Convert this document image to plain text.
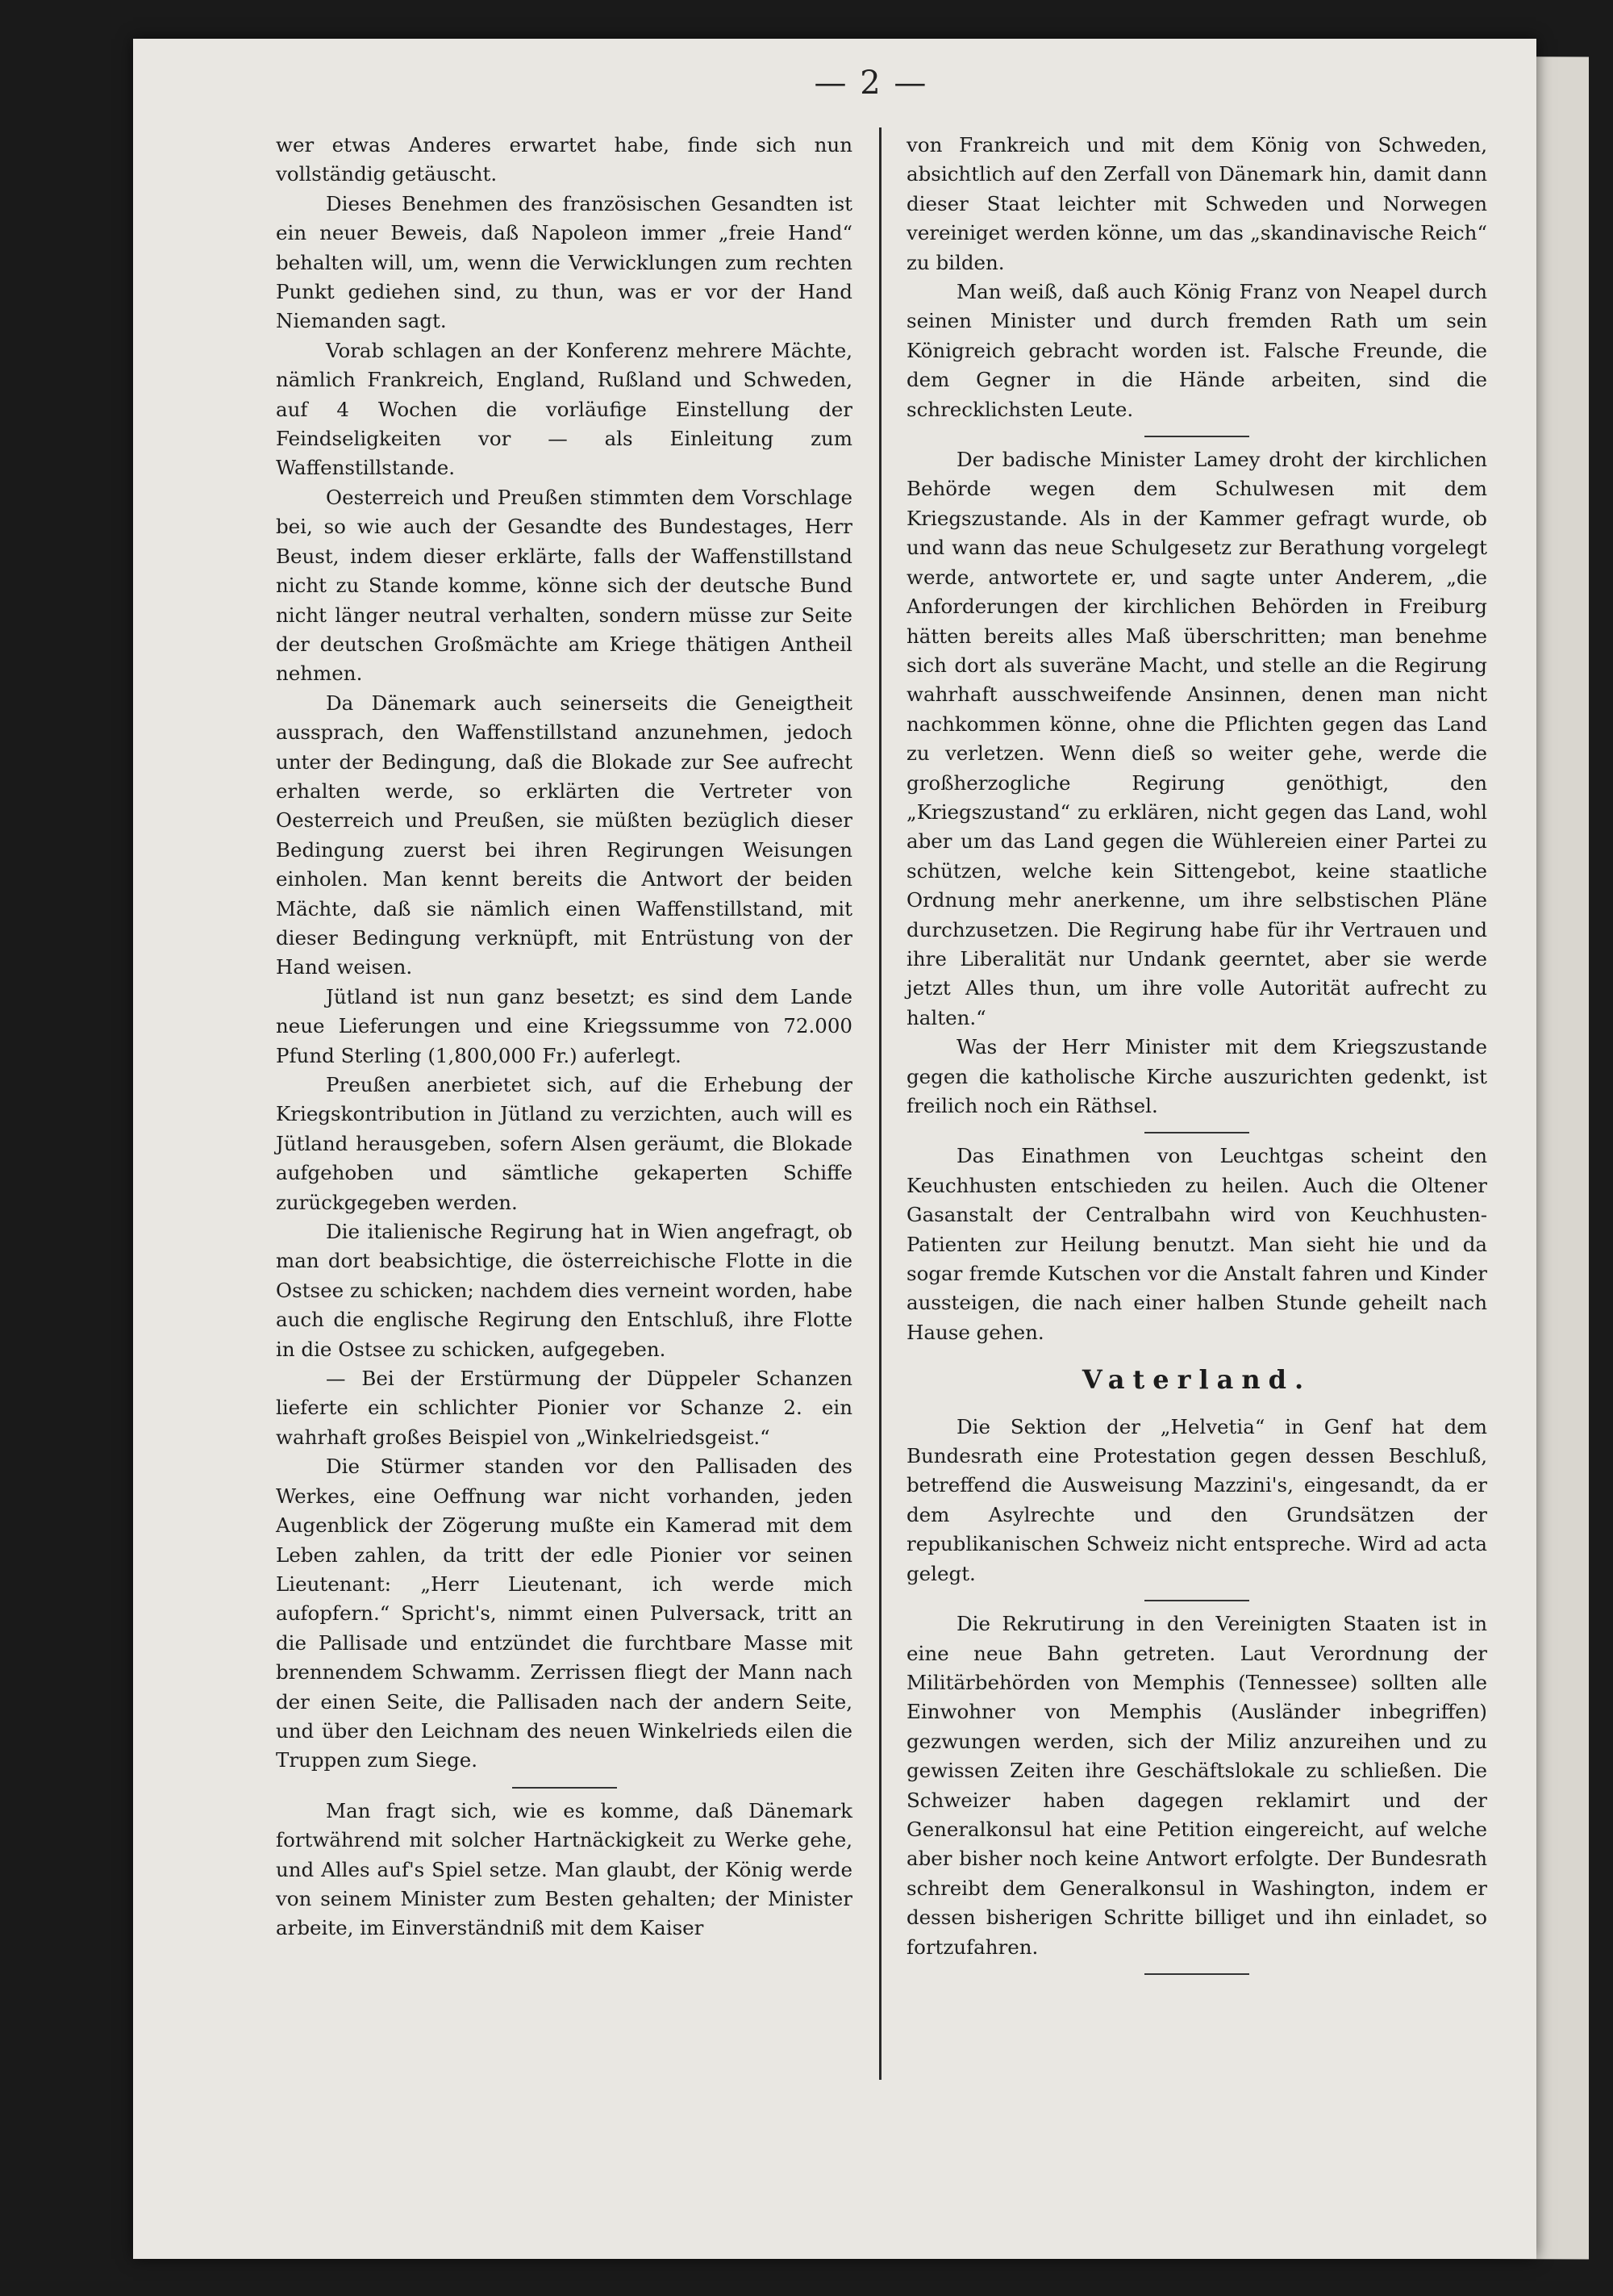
— 2 —

wer etwas Anderes erwartet habe, finde sich nun vollständig getäuscht.

Dieses Benehmen des französischen Gesandten ist ein neuer Beweis, daß Napoleon immer „freie Hand“ behalten will, um, wenn die Verwicklungen zum rechten Punkt gediehen sind, zu thun, was er vor der Hand Niemanden sagt.

Vorab schlagen an der Konferenz mehrere Mächte, nämlich Frankreich, England, Rußland und Schweden, auf 4 Wochen die vorläufige Einstellung der Feindseligkeiten vor — als Einleitung zum Waffenstillstande.

Oesterreich und Preußen stimmten dem Vorschlage bei, so wie auch der Gesandte des Bundestages, Herr Beust, indem dieser erklärte, falls der Waffenstillstand nicht zu Stande komme, könne sich der deutsche Bund nicht länger neutral verhalten, sondern müsse zur Seite der deutschen Großmächte am Kriege thätigen Antheil nehmen.

Da Dänemark auch seinerseits die Geneigtheit aussprach, den Waffenstillstand anzunehmen, jedoch unter der Bedingung, daß die Blokade zur See aufrecht erhalten werde, so erklärten die Vertreter von Oesterreich und Preußen, sie müßten bezüglich dieser Bedingung zuerst bei ihren Regirungen Weisungen einholen. Man kennt bereits die Antwort der beiden Mächte, daß sie nämlich einen Waffenstillstand, mit dieser Bedingung verknüpft, mit Entrüstung von der Hand weisen.

Jütland ist nun ganz besetzt; es sind dem Lande neue Lieferungen und eine Kriegssumme von 72.000 Pfund Sterling (1,800,000 Fr.) auferlegt.

Preußen anerbietet sich, auf die Erhebung der Kriegskontribution in Jütland zu verzichten, auch will es Jütland herausgeben, sofern Alsen geräumt, die Blokade aufgehoben und sämtliche gekaperten Schiffe zurückgegeben werden.

Die italienische Regirung hat in Wien angefragt, ob man dort beabsichtige, die österreichische Flotte in die Ostsee zu schicken; nachdem dies verneint worden, habe auch die englische Regirung den Entschluß, ihre Flotte in die Ostsee zu schicken, aufgegeben.

— Bei der Erstürmung der Düppeler Schanzen lieferte ein schlichter Pionier vor Schanze 2. ein wahrhaft großes Beispiel von „Winkelriedsgeist.“

Die Stürmer standen vor den Pallisaden des Werkes, eine Oeffnung war nicht vorhanden, jeden Augenblick der Zögerung mußte ein Kamerad mit dem Leben zahlen, da tritt der edle Pionier vor seinen Lieutenant: „Herr Lieutenant, ich werde mich aufopfern.“ Spricht's, nimmt einen Pulversack, tritt an die Pallisade und entzündet die furchtbare Masse mit brennendem Schwamm. Zerrissen fliegt der Mann nach der einen Seite, die Pallisaden nach der andern Seite, und über den Leichnam des neuen Winkelrieds eilen die Truppen zum Siege.

Man fragt sich, wie es komme, daß Dänemark fortwährend mit solcher Hartnäckigkeit zu Werke gehe, und Alles auf's Spiel setze. Man glaubt, der König werde von seinem Minister zum Besten gehalten; der Minister arbeite, im Einverständniß mit dem Kaiser

von Frankreich und mit dem König von Schweden, absichtlich auf den Zerfall von Dänemark hin, damit dann dieser Staat leichter mit Schweden und Norwegen vereiniget werden könne, um das „skandinavische Reich“ zu bilden.

Man weiß, daß auch König Franz von Neapel durch seinen Minister und durch fremden Rath um sein Königreich gebracht worden ist. Falsche Freunde, die dem Gegner in die Hände arbeiten, sind die schrecklichsten Leute.

Der badische Minister Lamey droht der kirchlichen Behörde wegen dem Schulwesen mit dem Kriegszustande. Als in der Kammer gefragt wurde, ob und wann das neue Schulgesetz zur Berathung vorgelegt werde, antwortete er, und sagte unter Anderem, „die Anforderungen der kirchlichen Behörden in Freiburg hätten bereits alles Maß überschritten; man benehme sich dort als suveräne Macht, und stelle an die Regirung wahrhaft ausschweifende Ansinnen, denen man nicht nachkommen könne, ohne die Pflichten gegen das Land zu verletzen. Wenn dieß so weiter gehe, werde die großherzogliche Regirung genöthigt, den „Kriegszustand“ zu erklären, nicht gegen das Land, wohl aber um das Land gegen die Wühlereien einer Partei zu schützen, welche kein Sittengebot, keine staatliche Ordnung mehr anerkenne, um ihre selbstischen Pläne durchzusetzen. Die Regirung habe für ihr Vertrauen und ihre Liberalität nur Undank geerntet, aber sie werde jetzt Alles thun, um ihre volle Autorität aufrecht zu halten.“

Was der Herr Minister mit dem Kriegszustande gegen die katholische Kirche auszurichten gedenkt, ist freilich noch ein Räthsel.

Das Einathmen von Leuchtgas scheint den Keuchhusten entschieden zu heilen. Auch die Oltener Gasanstalt der Centralbahn wird von Keuchhusten-Patienten zur Heilung benutzt. Man sieht hie und da sogar fremde Kutschen vor die Anstalt fahren und Kinder aussteigen, die nach einer halben Stunde geheilt nach Hause gehen.

Vaterland.

Die Sektion der „Helvetia“ in Genf hat dem Bundesrath eine Protestation gegen dessen Beschluß, betreffend die Ausweisung Mazzini's, eingesandt, da er dem Asylrechte und den Grundsätzen der republikanischen Schweiz nicht entspreche. Wird ad acta gelegt.

Die Rekrutirung in den Vereinigten Staaten ist in eine neue Bahn getreten. Laut Verordnung der Militärbehörden von Memphis (Tennessee) sollten alle Einwohner von Memphis (Ausländer inbegriffen) gezwungen werden, sich der Miliz anzureihen und zu gewissen Zeiten ihre Geschäftslokale zu schließen. Die Schweizer haben dagegen reklamirt und der Generalkonsul hat eine Petition eingereicht, auf welche aber bisher noch keine Antwort erfolgte. Der Bundesrath schreibt dem Generalkonsul in Washington, indem er dessen bisherigen Schritte billiget und ihn einladet, so fortzufahren.
